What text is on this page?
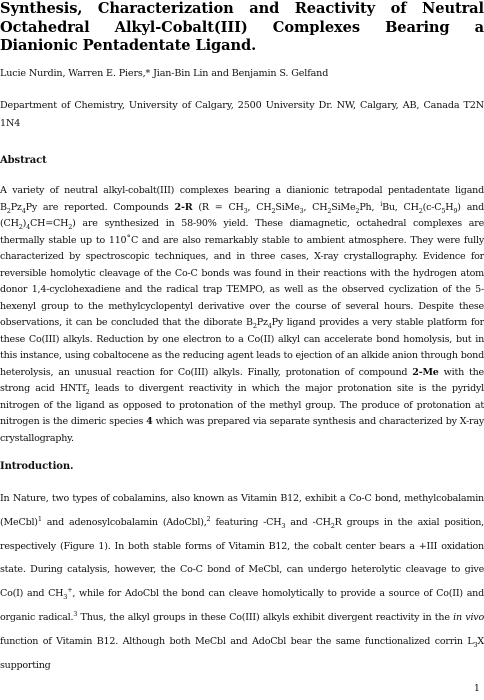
Synthesis, Characterization and Reactivity of Neutral Octahedral Alkyl-Cobalt(III) Complexes Bearing a Dianionic Pentadentate Ligand.
Lucie Nurdin, Warren E. Piers,* Jian-Bin Lin and Benjamin S. Gelfand
Department of Chemistry, University of Calgary, 2500 University Dr. NW, Calgary, AB, Canada T2N 1N4
Abstract

A variety of neutral alkyl-cobalt(III) complexes bearing a dianionic tetrapodal pentadentate ligand $B_2Pz_4Py$ are reported. Compounds 2-R ($R = CH_3$, $CH_2SiMe_3$, $CH_2SiMe_2Ph$, $^i$Bu, $CH_2(c-C_5H_9)$ and $(CH_2)_4CH=CH_2$) are synthesized in 58-90% yield. These diamagnetic, octahedral complexes are thermally stable up to 110˚C and are also remarkably stable to ambient atmosphere. They were fully characterized by spectroscopic techniques, and in three cases, X-ray crystallography. Evidence for reversible homolytic cleavage of the Co-C bonds was found in their reactions with the hydrogen atom donor 1,4-cyclohexadiene and the radical trap TEMPO, as well as the observed cyclization of the 5-hexenyl group to the methylcyclopentyl derivative over the course of several hours. Despite these observations, it can be concluded that the diborate $B_2Pz_4Py$ ligand provides a very stable platform for these Co(III) alkyls. Reduction by one electron to a Co(II) alkyl can accelerate bond homolysis, but in this instance, using cobaltocene as the reducing agent leads to ejection of an alkide anion through bond heterolysis, an unusual reaction for Co(III) alkyls. Finally, protonation of compound 2-Me with the strong acid HNTf$_2$ leads to divergent reactivity in which the major protonation site is the pyridyl nitrogen of the ligand as opposed to protonation of the methyl group. The produce of protonation at nitrogen is the dimeric species 4 which was prepared via separate synthesis and characterized by X-ray crystallography.

Introduction.

In Nature, two types of cobalamins, also known as Vitamin B12, exhibit a Co-C bond, methylcobalamin (MeCbl)$^1$ and adenosylcobalamin (AdoCbl),$^2$ featuring $-CH_3$ and $-CH_2R$ groups in the axial position, respectively (Figure 1). In both stable forms of Vitamin B12, the cobalt center bears a +III oxidation state. During catalysis, however, the Co-C bond of MeCbl, can undergo heterolytic cleavage to give Co(I) and $CH_3^+$, while for AdoCbl the bond can cleave homolytically to provide a source of Co(II) and organic radical.$^3$ Thus, the alkyl groups in these Co(III) alkyls exhibit divergent reactivity in the in vivo function of Vitamin B12. Although both MeCbl and AdoCbl bear the same functionalized corrin $L_3X$ supporting

1
